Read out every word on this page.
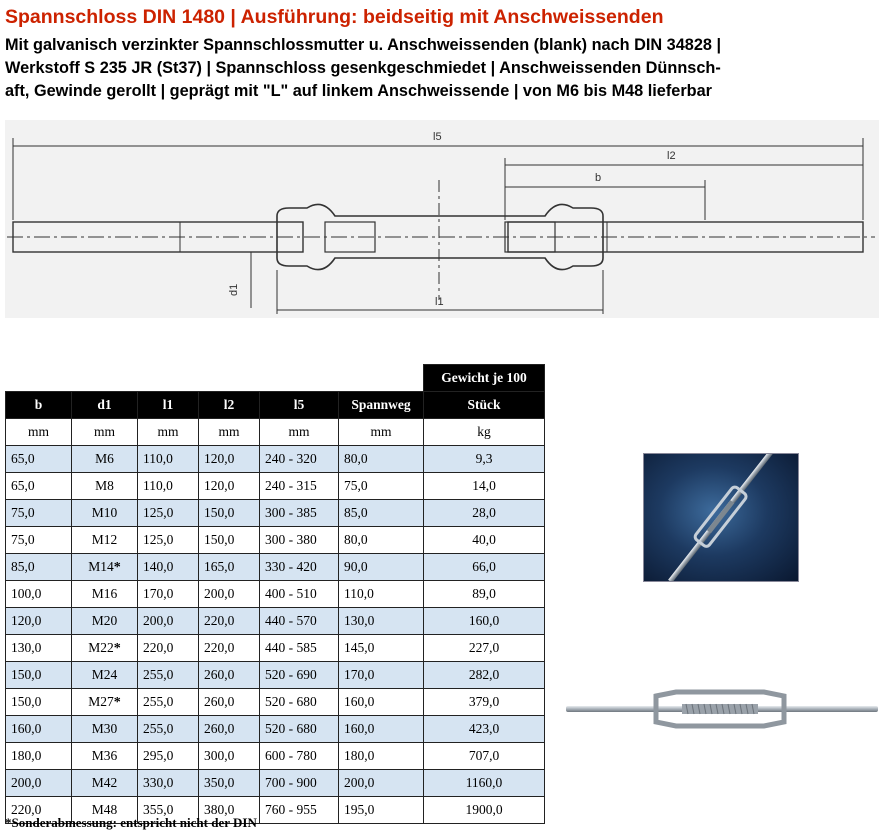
Spannschloss DIN 1480 | Ausführung: beidseitig mit Anschweissenden
Mit galvanisch verzinkter Spannschlossmutter u. Anschweissenden (blank) nach DIN 34828 |
Werkstoff S 235 JR (St37) | Spannschloss gesenkgeschmiedet | Anschweissenden Dünnsch-
aft, Gewinde gerollt | geprägt mit "L" auf linkem Anschweissende | von M6 bis M48 lieferbar
l5
l2
b
d1
l1
						Gewicht je 100
b	d1	l1	l2	l5	Spannweg	Stück
mm	mm	mm	mm	mm	mm	kg
65,0	M6	110,0	120,0	240 - 320	80,0	9,3
65,0	M8	110,0	120,0	240 - 315	75,0	14,0
75,0	M10	125,0	150,0	300 - 385	85,0	28,0
75,0	M12	125,0	150,0	300 - 380	80,0	40,0
85,0	M14*	140,0	165,0	330 - 420	90,0	66,0
100,0	M16	170,0	200,0	400 - 510	110,0	89,0
120,0	M20	200,0	220,0	440 - 570	130,0	160,0
130,0	M22*	220,0	220,0	440 - 585	145,0	227,0
150,0	M24	255,0	260,0	520 - 690	170,0	282,0
150,0	M27*	255,0	260,0	520 - 680	160,0	379,0
160,0	M30	255,0	260,0	520 - 680	160,0	423,0
180,0	M36	295,0	300,0	600 - 780	180,0	707,0
200,0	M42	330,0	350,0	700 - 900	200,0	1160,0
220,0	M48	355,0	380,0	760 - 955	195,0	1900,0
*Sonderabmessung: entspricht nicht der DIN
